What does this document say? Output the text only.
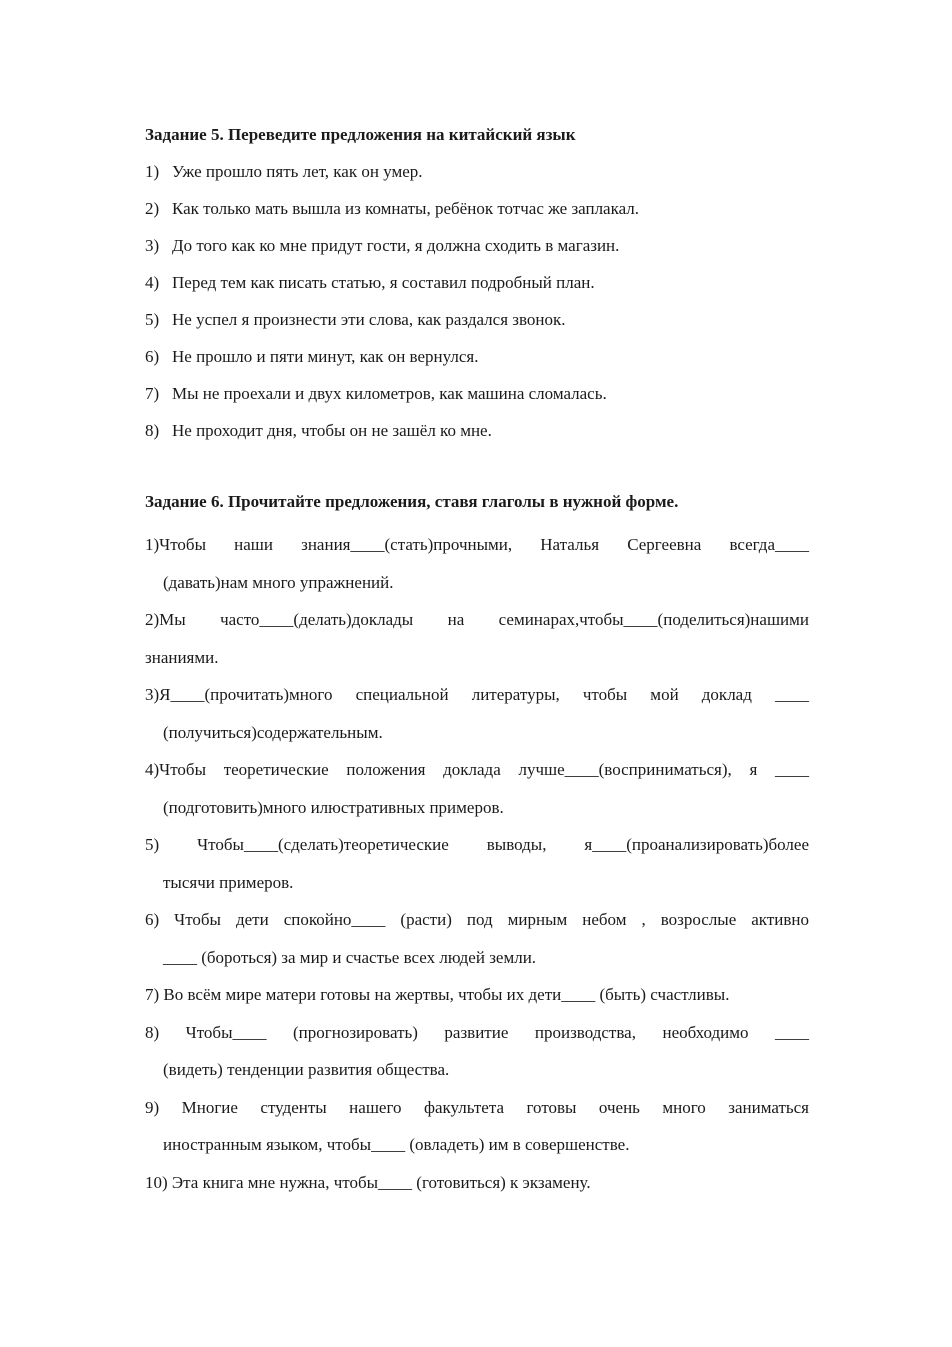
Задание 5. Переведите предложения на китайский язык
1) Уже прошло пять лет, как он умер.
2) Как только мать вышла из комнаты, ребёнок тотчас же заплакал.
3) До того как ко мне придут гости, я должна сходить в магазин.
4) Перед тем как писать статью, я составил подробный план.
5) Не успел я произнести эти слова, как раздался звонок.
6) Не прошло и пяти минут, как он вернулся.
7) Мы не проехали и двух километров, как машина сломалась.
8) Не проходит дня, чтобы он не зашёл ко мне.
Задание 6. Прочитайте предложения, ставя глаголы в нужной форме.
1)Чтобы наши знания____(стать)прочными, Наталья Сергеевна всегда____
(давать)нам много упражнений.
2)Мы часто____(делать)доклады на семинарах,чтобы____(поделиться)нашими
знаниями.
3)Я____(прочитать)много специальной литературы, чтобы мой доклад ____
(получиться)содержательным.
4)Чтобы теоретические положения доклада лучше____(восприниматься), я ____
(подготовить)много илюстративных примеров.
5) Чтобы____(сделать)теоретические выводы, я____(проанализировать)более
тысячи примеров.
6) Чтобы дети спокойно____ (расти) под мирным небом , возрослые активно
____ (бороться) за мир и счастье всех людей земли.
7) Во всём мире матери готовы на жертвы, чтобы их дети____ (быть) счастливы.
8) Чтобы____ (прогнозировать) развитие производства, необходимо ____
(видеть) тенденции развития общества.
9) Многие студенты нашего факультета готовы очень много заниматься
иностранным языком, чтобы____ (овладеть) им в совершенстве.
10) Эта книга мне нужна, чтобы____ (готовиться) к экзамену.
